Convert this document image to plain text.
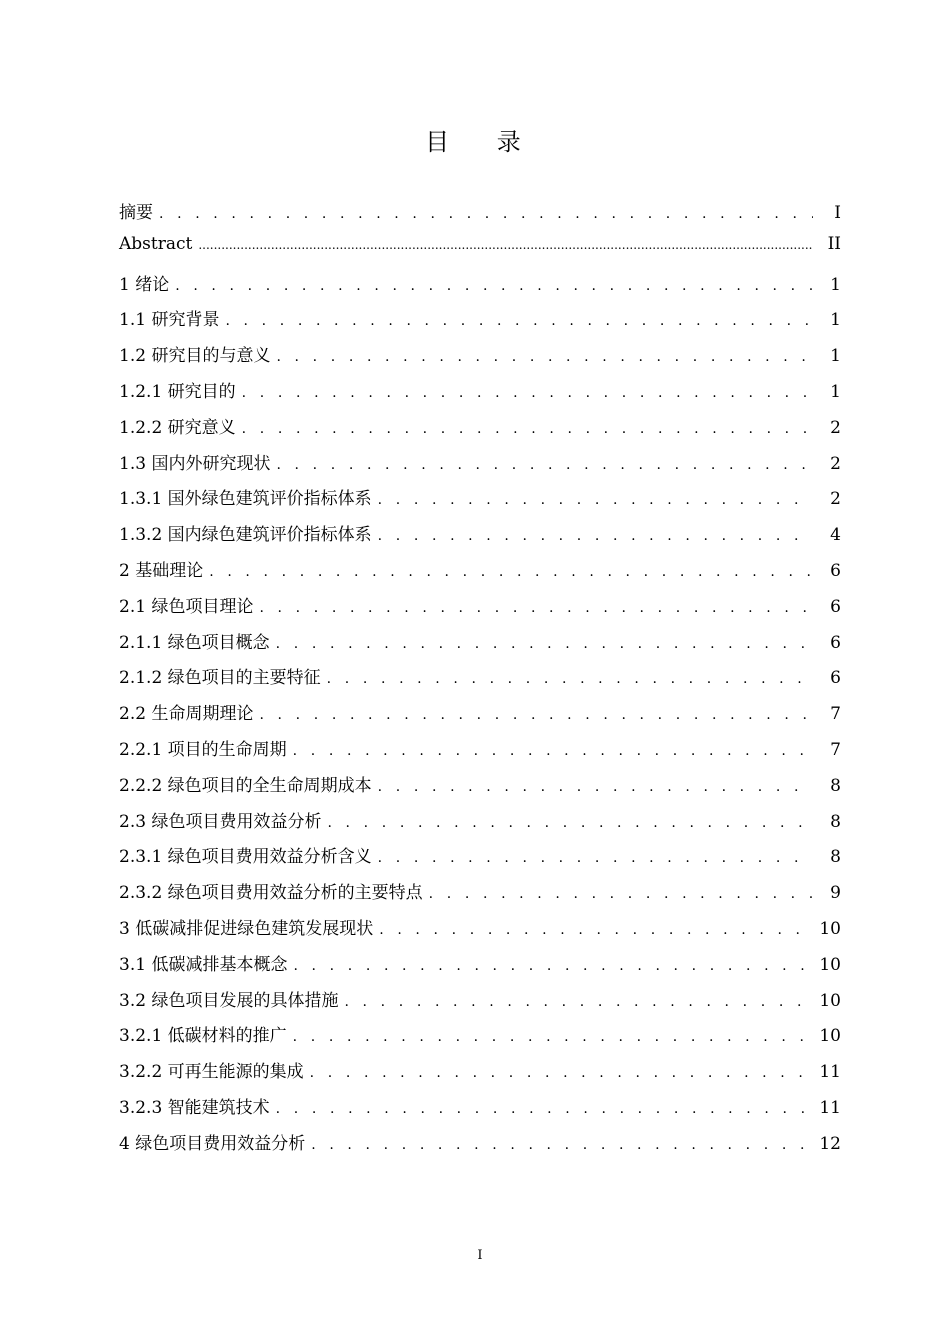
目 录
摘要 . . .	I
Abstract .....	II
1 绪论 . . .	1
1.1 研究背景 . . .	1
1.2 研究目的与意义 . . .	1
1.2.1 研究目的 . . .	1
1.2.2 研究意义 . . .	2
1.3 国内外研究现状 . . .	2
1.3.1 国外绿色建筑评价指标体系 . . .	2
1.3.2 国内绿色建筑评价指标体系 . . .	4
2 基础理论 . . .	6
2.1 绿色项目理论 . . .	6
2.1.1 绿色项目概念 . . .	6
2.1.2 绿色项目的主要特征 . . .	6
2.2 生命周期理论 . . .	7
2.2.1 项目的生命周期 . . .	7
2.2.2 绿色项目的全生命周期成本 . . .	8
2.3 绿色项目费用效益分析 . . .	8
2.3.1 绿色项目费用效益分析含义 . . .	8
2.3.2 绿色项目费用效益分析的主要特点 . . .	9
3 低碳减排促进绿色建筑发展现状 . . .	10
3.1 低碳减排基本概念 . . .	10
3.2 绿色项目发展的具体措施 . . .	10
3.2.1 低碳材料的推广 . . .	10
3.2.2 可再生能源的集成 . . .	11
3.2.3 智能建筑技术 . . .	11
4 绿色项目费用效益分析 . . .	12
I
